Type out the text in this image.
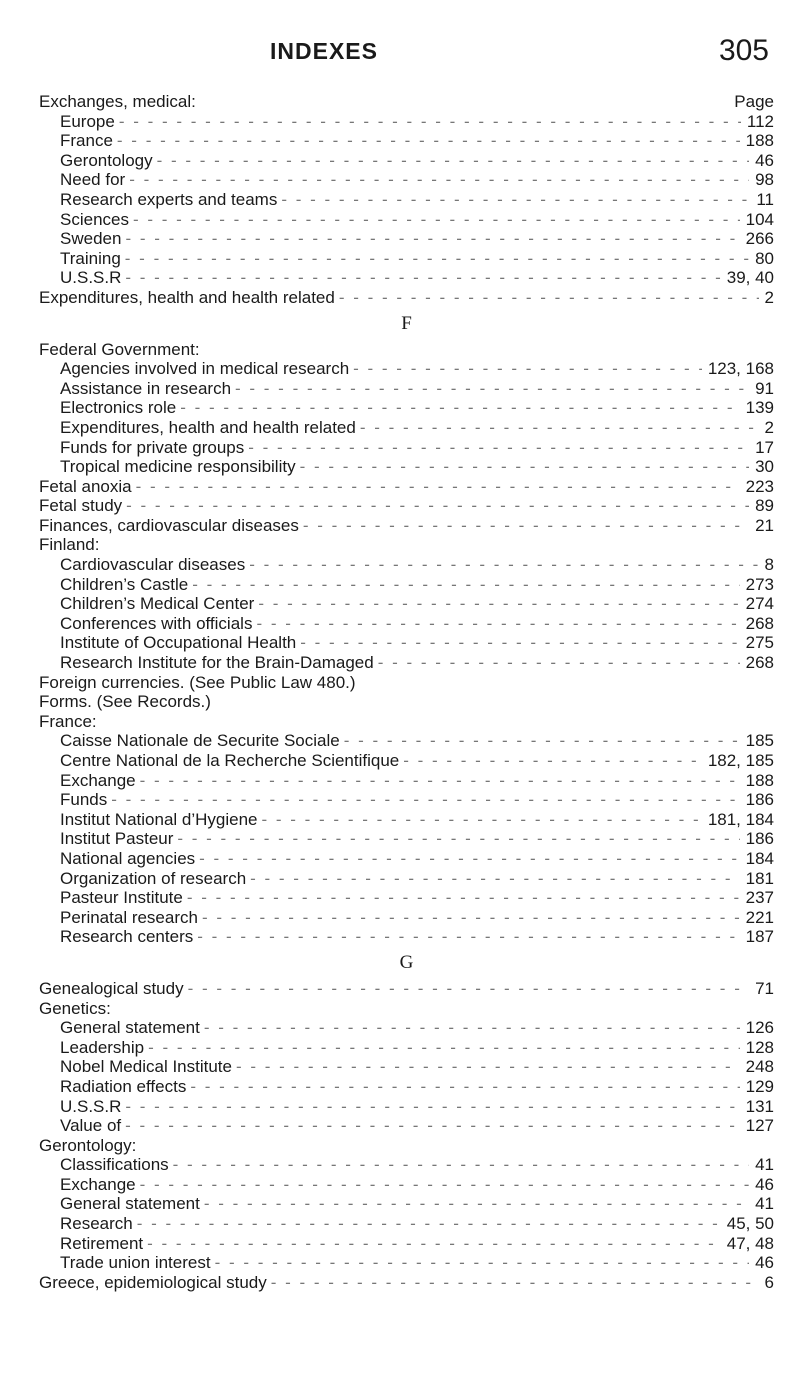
INDEXES	305
Exchanges, medical:	Page
Europe - - -	112
France - - -	188
Gerontology - - -	46
Need for - - -	98
Research experts and teams - - -	11
Sciences - - -	104
Sweden - - -	266
Training - - -	80
U.S.S.R - - -	39, 40
Expenditures, health and health related - - -	2
F
Federal Government:
Agencies involved in medical research - - -	123, 168
Assistance in research - - -	91
Electronics role - - -	139
Expenditures, health and health related - - -	2
Funds for private groups - - -	17
Tropical medicine responsibility - - -	30
Fetal anoxia - - -	223
Fetal study - - -	89
Finances, cardiovascular diseases - - -	21
Finland:
Cardiovascular diseases - - -	8
Children’s Castle - - -	273
Children’s Medical Center - - -	274
Conferences with officials - - -	268
Institute of Occupational Health - - -	275
Research Institute for the Brain-Damaged - - -	268
Foreign currencies. (See Public Law 480.)
Forms. (See Records.)
France:
Caisse Nationale de Securite Sociale - - -	185
Centre National de la Recherche Scientifique - - -	182, 185
Exchange - - -	188
Funds - - -	186
Institut National d’Hygiene - - -	181, 184
Institut Pasteur - - -	186
National agencies - - -	184
Organization of research - - -	181
Pasteur Institute - - -	237
Perinatal research - - -	221
Research centers - - -	187
G
Genealogical study - - -	71
Genetics:
General statement - - -	126
Leadership - - -	128
Nobel Medical Institute - - -	248
Radiation effects - - -	129
U.S.S.R - - -	131
Value of - - -	127
Gerontology:
Classifications - - -	41
Exchange - - -	46
General statement - - -	41
Research - - -	45, 50
Retirement - - -	47, 48
Trade union interest - - -	46
Greece, epidemiological study - - -	6
